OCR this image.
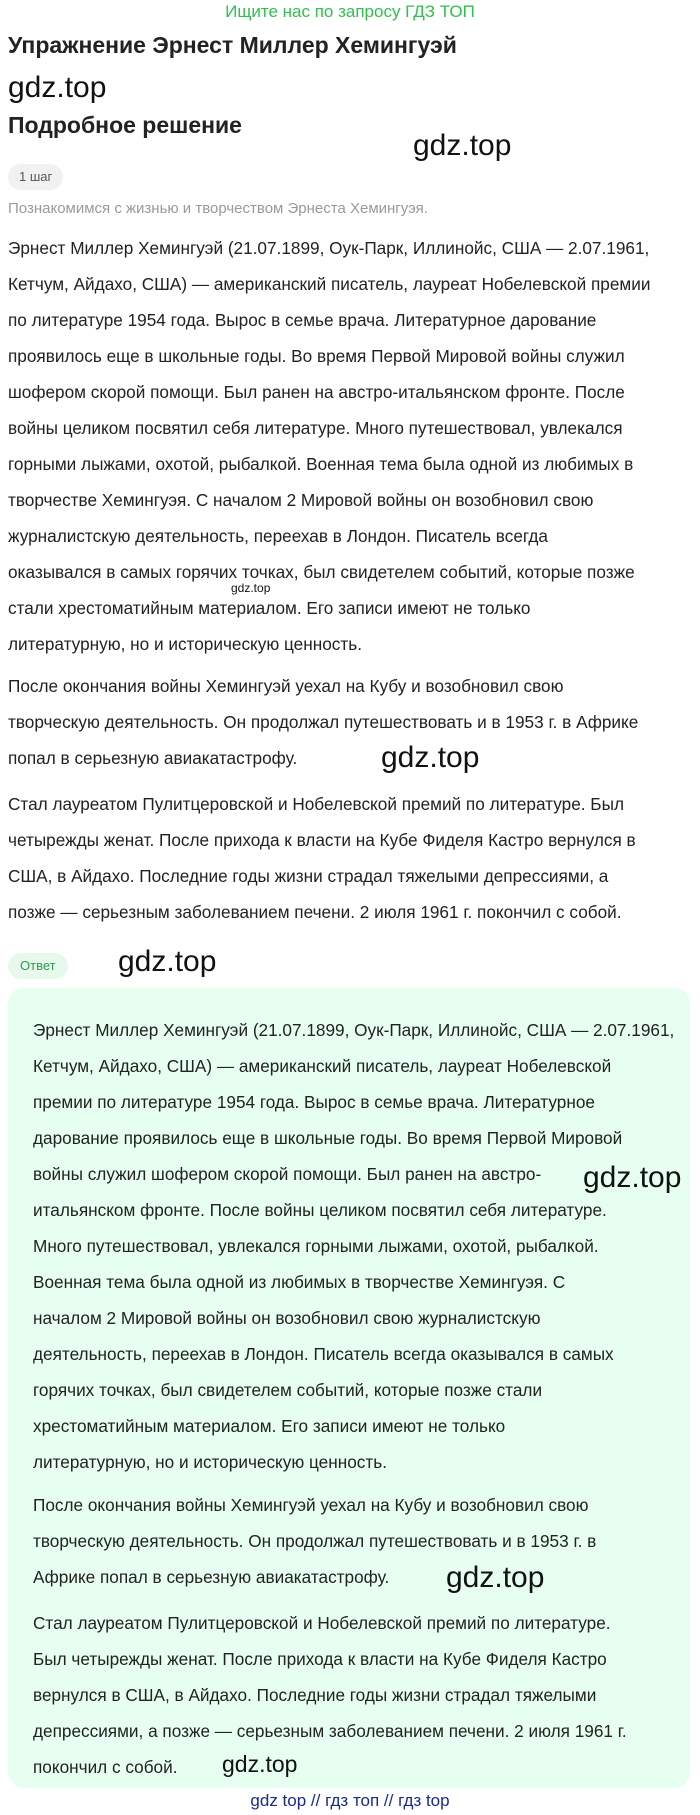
Ищите нас по запросу ГДЗ ТОП
Упражнение Эрнест Миллер Хемингуэй
gdz.top
Подробное решение
gdz.top
1 шаг
Познакомимся с жизнью и творчеством Эрнеста Хемингуэя.
Эрнест Миллер Хемингуэй (21.07.1899, Оук-Парк, Иллинойс, США — 2.07.1961,
Кетчум, Айдахо, США) — американский писатель, лауреат Нобелевской премии
по литературе 1954 года. Вырос в семье врача. Литературное дарование
проявилось еще в школьные годы. Во время Первой Мировой войны служил
шофером скорой помощи. Был ранен на австро-итальянском фронте. После
войны целиком посвятил себя литературе. Много путешествовал, увлекался
горными лыжами, охотой, рыбалкой. Военная тема была одной из любимых в
творчестве Хемингуэя. С началом 2 Мировой войны он возобновил свою
журналистскую деятельность, переехав в Лондон. Писатель всегда
оказывался в самых горячих точках, был свидетелем событий, которые позже
стали хрестоматийным материалом. Его записи имеют не только
литературную, но и историческую ценность.
gdz.top
После окончания войны Хемингуэй уехал на Кубу и возобновил свою
творческую деятельность. Он продолжал путешествовать и в 1953 г. в Африке
попал в серьезную авиакатастрофу.	gdz.top
Стал лауреатом Пулитцеровской и Нобелевской премий по литературе. Был
четырежды женат. После прихода к власти на Кубе Фиделя Кастро вернулся в
США, в Айдахо. Последние годы жизни страдал тяжелыми депрессиями, а
позже — серьезным заболеванием печени. 2 июля 1961 г. покончил с собой.
Ответ	gdz.top
Эрнест Миллер Хемингуэй (21.07.1899, Оук-Парк, Иллинойс, США — 2.07.1961,
Кетчум, Айдахо, США) — американский писатель, лауреат Нобелевской
премии по литературе 1954 года. Вырос в семье врача. Литературное
дарование проявилось еще в школьные годы. Во время Первой Мировой
войны служил шофером скорой помощи. Был ранен на австро-
итальянском фронте. После войны целиком посвятил себя литературе.
Много путешествовал, увлекался горными лыжами, охотой, рыбалкой.
Военная тема была одной из любимых в творчестве Хемингуэя. С
началом 2 Мировой войны он возобновил свою журналистскую
деятельность, переехав в Лондон. Писатель всегда оказывался в самых
горячих точках, был свидетелем событий, которые позже стали
хрестоматийным материалом. Его записи имеют не только
литературную, но и историческую ценность.
gdz.top
После окончания войны Хемингуэй уехал на Кубу и возобновил свою
творческую деятельность. Он продолжал путешествовать и в 1953 г. в
Африке попал в серьезную авиакатастрофу.	gdz.top
Стал лауреатом Пулитцеровской и Нобелевской премий по литературе.
Был четырежды женат. После прихода к власти на Кубе Фиделя Кастро
вернулся в США, в Айдахо. Последние годы жизни страдал тяжелыми
депрессиями, а позже — серьезным заболеванием печени. 2 июля 1961 г.
покончил с собой.	gdz.top
gdz top // гдз топ // гдз top
